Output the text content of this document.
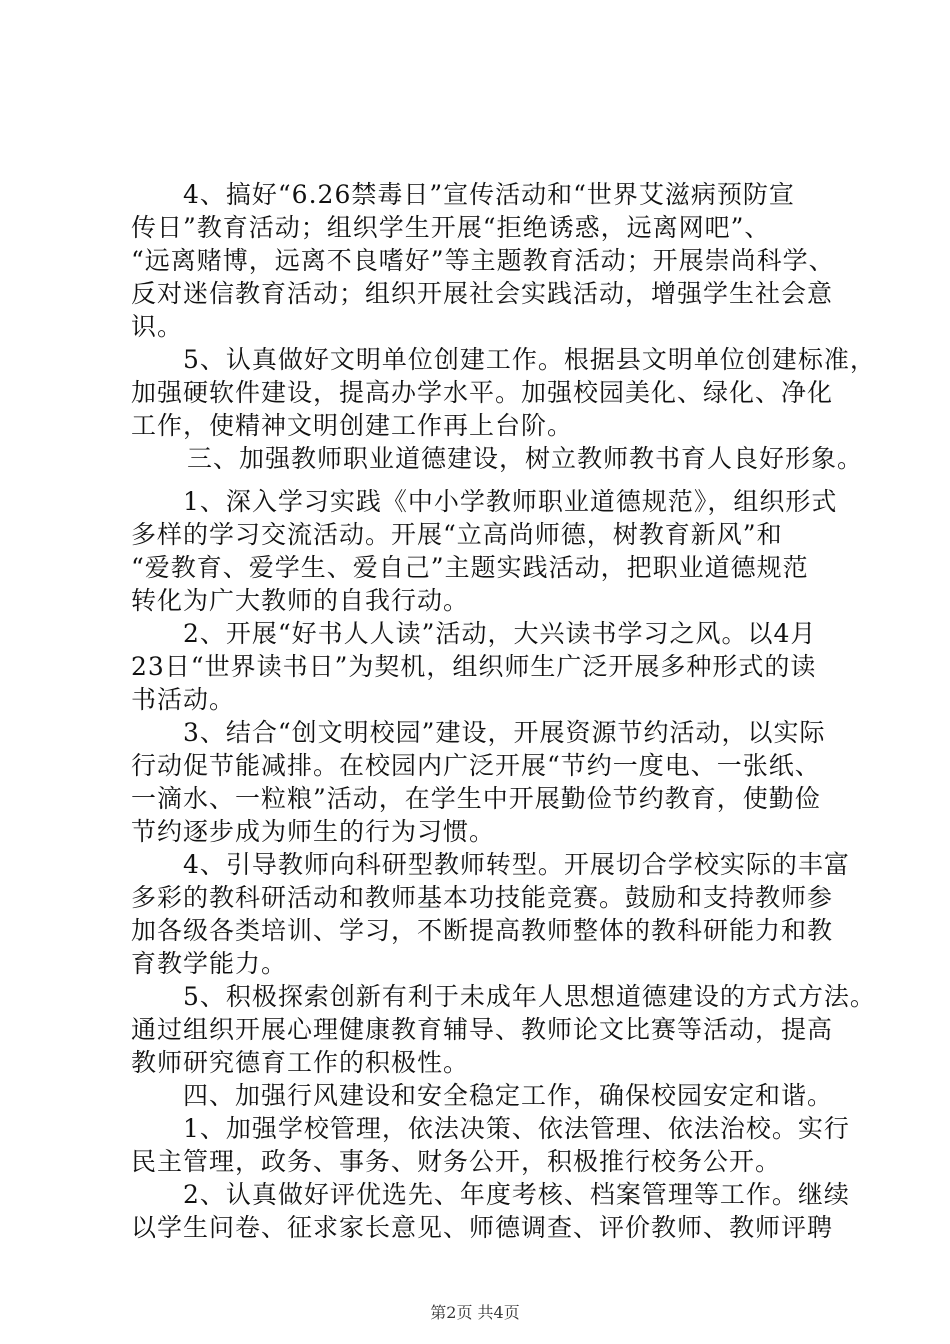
　4、搞好“6.26禁毒日”宣传活动和“世界艾滋病预防宣
传日”教育活动；组织学生开展“拒绝诱惑，远离网吧”、
“远离赌博，远离不良嗜好”等主题教育活动；开展崇尚科学、
反对迷信教育活动；组织开展社会实践活动，增强学生社会意
识。

　5、认真做好文明单位创建工作。根据县文明单位创建标准，
加强硬软件建设，提高办学水平。加强校园美化、绿化、净化
工作，使精神文明创建工作再上台阶。

　　三、加强教师职业道德建设，树立教师教书育人良好形象。

　1、深入学习实践《中小学教师职业道德规范》，组织形式
多样的学习交流活动。开展“立高尚师德，树教育新风”和
“爱教育、爱学生、爱自己”主题实践活动，把职业道德规范
转化为广大教师的自我行动。

　2、开展“好书人人读”活动，大兴读书学习之风。以4月
23日“世界读书日”为契机，组织师生广泛开展多种形式的读
书活动。

　3、结合“创文明校园”建设，开展资源节约活动，以实际
行动促节能减排。在校园内广泛开展“节约一度电、一张纸、
一滴水、一粒粮”活动，在学生中开展勤俭节约教育，使勤俭
节约逐步成为师生的行为习惯。

　4、引导教师向科研型教师转型。开展切合学校实际的丰富
多彩的教科研活动和教师基本功技能竞赛。鼓励和支持教师参
加各级各类培训、学习，不断提高教师整体的教科研能力和教
育教学能力。

　5、积极探索创新有利于未成年人思想道德建设的方式方法。
通过组织开展心理健康教育辅导、教师论文比赛等活动，提高
教师研究德育工作的积极性。

　四、加强行风建设和安全稳定工作，确保校园安定和谐。

　1、加强学校管理，依法决策、依法管理、依法治校。实行
民主管理，政务、事务、财务公开，积极推行校务公开。

　2、认真做好评优选先、年度考核、档案管理等工作。继续
以学生问卷、征求家长意见、师德调查、评价教师、教师评聘

第2页 共4页
